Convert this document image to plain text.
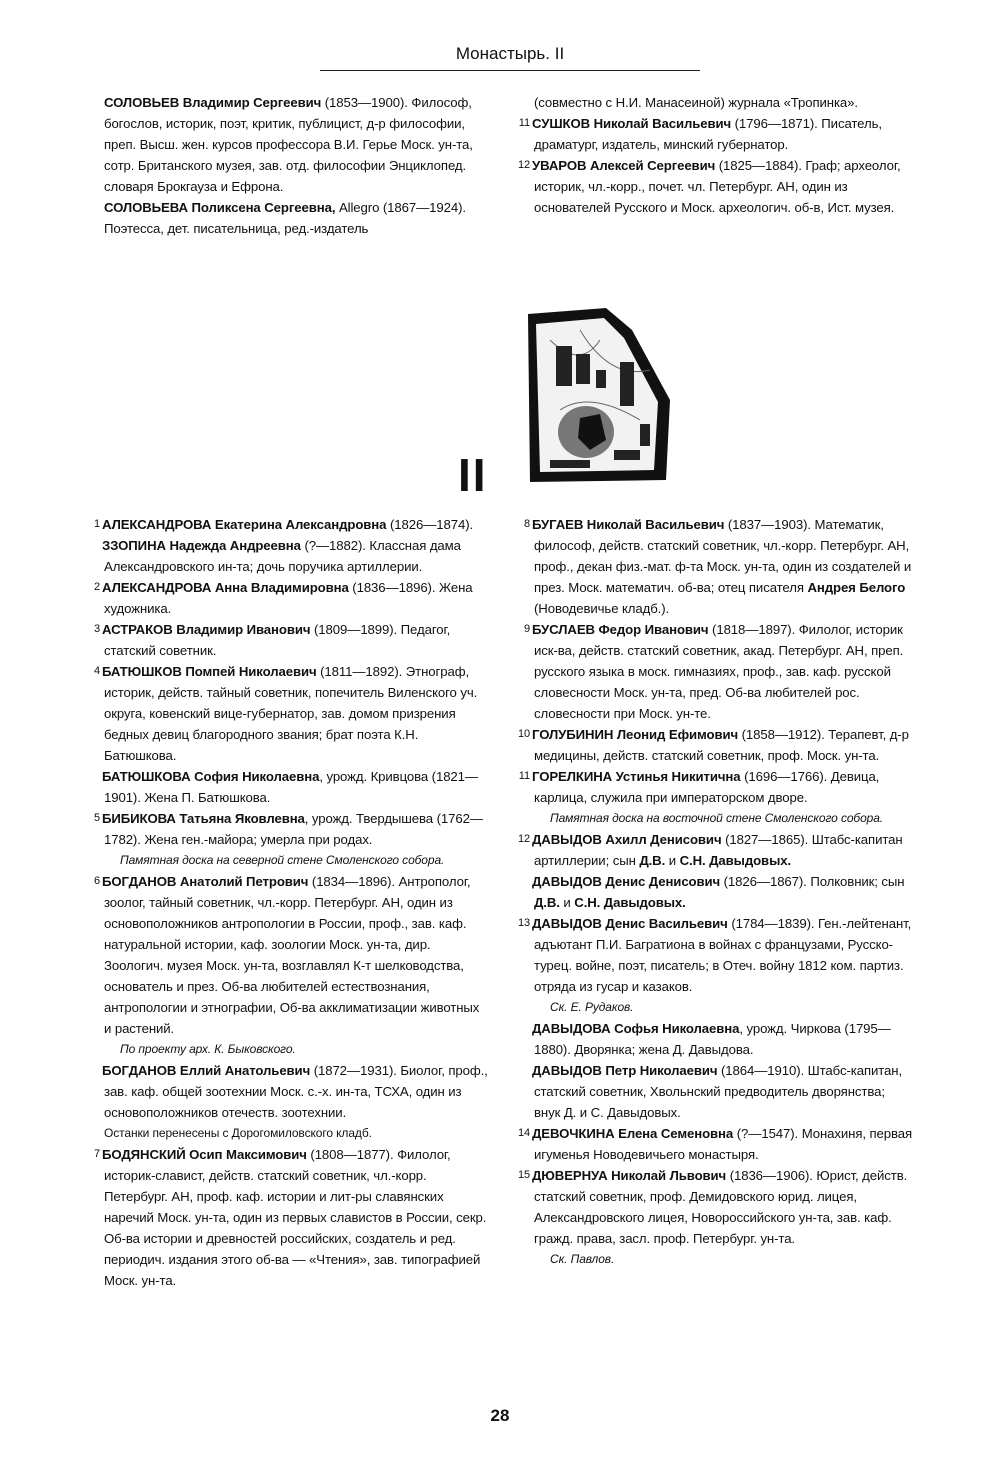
Монастырь. II

СОЛОВЬЕВ Владимир Сергеевич (1853—1900). Философ, богослов, историк, поэт, критик, публицист, д-р философии, преп. Высш. жен. курсов профессора В.И. Герье Моск. ун-та, сотр. Британского музея, зав. отд. философии Энциклопед. словаря Брокгауза и Ефрона.

СОЛОВЬЕВА Поликсена Сергеевна, Allegro (1867—1924). Поэтесса, дет. писательница, ред.-издатель

(совместно с Н.И. Манасеиной) журнала «Тропинка».

11 СУШКОВ Николай Васильевич (1796—1871). Писатель, драматург, издатель, минский губернатор.

12 УВАРОВ Алексей Сергеевич (1825—1884). Граф; археолог, историк, чл.-корр., почет. чл. Петербург. АН, один из основателей Русского и Моск. археологич. об-в, Ист. музея.

II

1 АЛЕКСАНДРОВА Екатерина Александровна (1826—1874).

ЗЗОПИНА Надежда Андреевна (?—1882). Классная дама Александровского ин-та; дочь поручика артиллерии.

2 АЛЕКСАНДРОВА Анна Владимировна (1836—1896). Жена художника.

3 АСТРАКОВ Владимир Иванович (1809—1899). Педагог, статский советник.

4 БАТЮШКОВ Помпей Николаевич (1811—1892). Этнограф, историк, действ. тайный советник, попечитель Виленского уч. округа, ковенский вице-губернатор, зав. домом призрения бедных девиц благородного звания; брат поэта К.Н. Батюшкова.

БАТЮШКОВА София Николаевна, урожд. Кривцова (1821—1901). Жена П. Батюшкова.

5 БИБИКОВА Татьяна Яковлевна, урожд. Твердышева (1762—1782). Жена ген.-майора; умерла при родах.

Памятная доска на северной стене Смоленского собора.

6 БОГДАНОВ Анатолий Петрович (1834—1896). Антрополог, зоолог, тайный советник, чл.-корр. Петербург. АН, один из основоположников антропологии в России, проф., зав. каф. натуральной истории, каф. зоологии Моск. ун-та, дир. Зоологич. музея Моск. ун-та, возглавлял К-т шелководства, основатель и през. Об-ва любителей естествознания, антропологии и этнографии, Об-ва акклиматизации животных и растений.

По проекту арх. К. Быковского.

БОГДАНОВ Еллий Анатольевич (1872—1931). Биолог, проф., зав. каф. общей зоотехнии Моск. с.-х. ин-та, ТСХА, один из основоположников отечеств. зоотехнии.

Останки перенесены с Дорогомиловского кладб.

7 БОДЯНСКИЙ Осип Максимович (1808—1877). Филолог, историк-славист, действ. статский советник, чл.-корр. Петербург. АН, проф. каф. истории и лит-ры славянских наречий Моск. ун-та, один из первых славистов в России, секр. Об-ва истории и древностей российских, создатель и ред. периодич. издания этого об-ва — «Чтения», зав. типографией Моск. ун-та.

8 БУГАЕВ Николай Васильевич (1837—1903). Математик, философ, действ. статский советник, чл.-корр. Петербург. АН, проф., декан физ.-мат. ф-та Моск. ун-та, один из создателей и през. Моск. математич. об-ва; отец писателя Андрея Белого (Новодевичье кладб.).

9 БУСЛАЕВ Федор Иванович (1818—1897). Филолог, историк иск-ва, действ. статский советник, акад. Петербург. АН, преп. русского языка в моск. гимназиях, проф., зав. каф. русской словесности Моск. ун-та, пред. Об-ва любителей рос. словесности при Моск. ун-те.

10 ГОЛУБИНИН Леонид Ефимович (1858—1912). Терапевт, д-р медицины, действ. статский советник, проф. Моск. ун-та.

11 ГОРЕЛКИНА Устинья Никитична (1696—1766). Девица, карлица, служила при императорском дворе.

Памятная доска на восточной стене Смоленского собора.

12 ДАВЫДОВ Ахилл Денисович (1827—1865). Штабс-капитан артиллерии; сын Д.В. и С.Н. Давыдовых.

ДАВЫДОВ Денис Денисович (1826—1867). Полковник; сын Д.В. и С.Н. Давыдовых.

13 ДАВЫДОВ Денис Васильевич (1784—1839). Ген.-лейтенант, адъютант П.И. Багратиона в войнах с французами, Русско-турец. войне, поэт, писатель; в Отеч. войну 1812 ком. партиз. отряда из гусар и казаков.

Ск. Е. Рудаков.

ДАВЫДОВА Софья Николаевна, урожд. Чиркова (1795—1880). Дворянка; жена Д. Давыдова.

ДАВЫДОВ Петр Николаевич (1864—1910). Штабс-капитан, статский советник, Хвольнский предводитель дворянства; внук Д. и С. Давыдовых.

14 ДЕВОЧКИНА Елена Семеновна (?—1547). Монахиня, первая игуменья Новодевичьего монастыря.

15 ДЮВЕРНУА Николай Львович (1836—1906). Юрист, действ. статский советник, проф. Демидовского юрид. лицея, Александровского лицея, Новороссийского ун-та, зав. каф. гражд. права, засл. проф. Петербург. ун-та.

Ск. Павлов.

28
